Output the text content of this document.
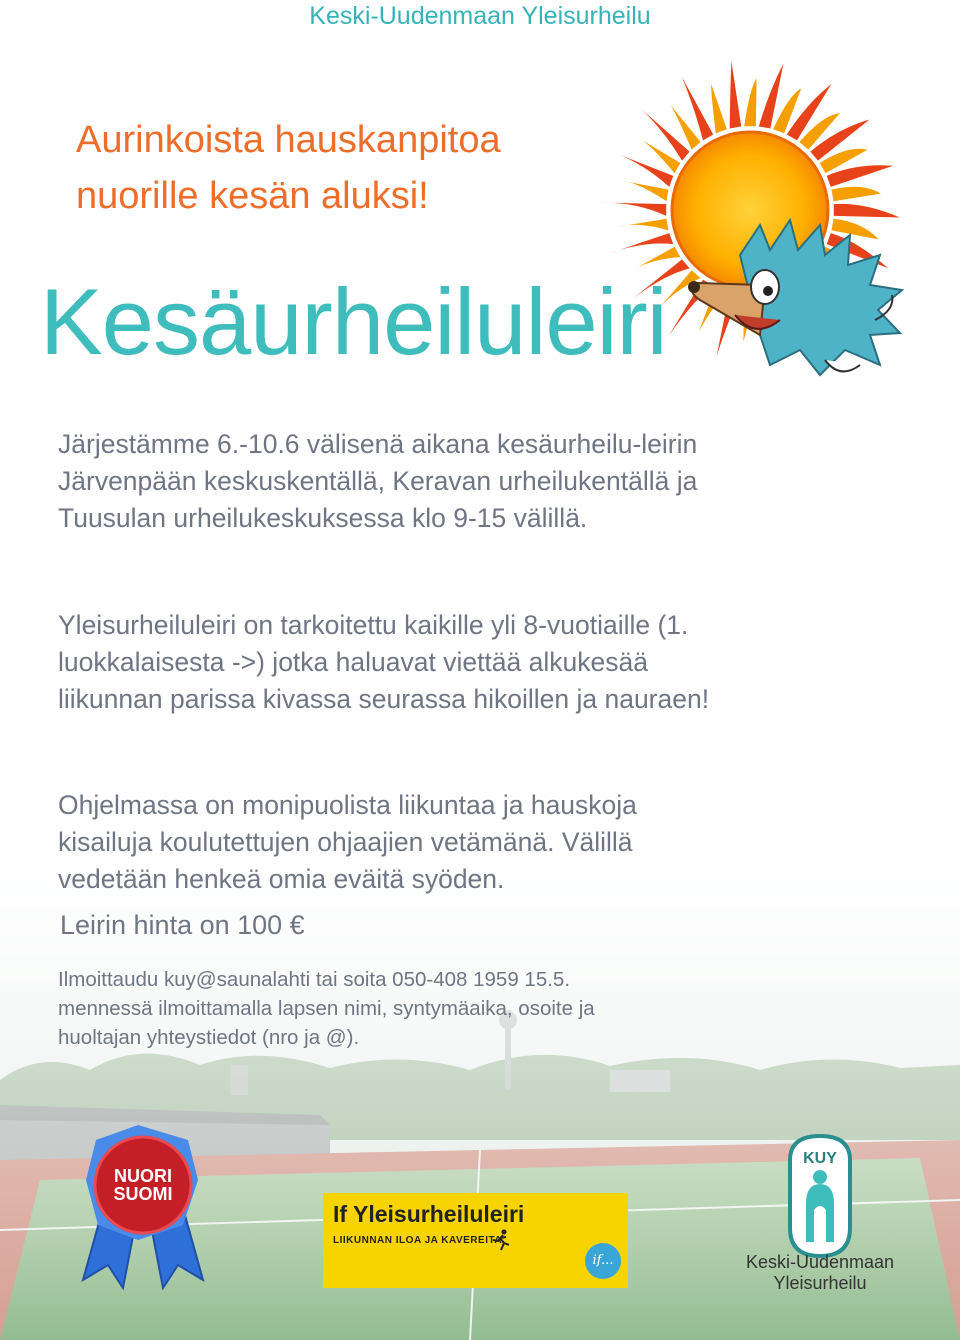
Keski-Uudenmaan Yleisurheilu
Aurinkoista hauskanpitoa
nuorille kesän aluksi!
Kesäurheiluleiri

Järjestämme 6.-10.6 välisenä aikana kesäurheilu-leirin Järvenpään keskuskentällä, Keravan urheilukentällä ja Tuusulan urheilukeskuksessa klo 9-15 välillä.

Yleisurheiluleiri on tarkoitettu kaikille yli 8-vuotiaille (1. luokkalaisesta ->) jotka haluavat viettää alkukesää liikunnan parissa kivassa seurassa hikoillen ja nauraen!

Ohjelmassa on monipuolista liikuntaa ja hauskoja kisailuja koulutettujen ohjaajien vetämänä. Välillä vedetään henkeä omia eväitä syöden.

Leirin hinta on 100 €

Ilmoittaudu kuy@saunalahti tai soita 050-408 1959 15.5. mennessä ilmoittamalla lapsen nimi, syntymäaika, osoite ja huoltajan yhteystiedot (nro ja @).

NUORI
SUOMI
If Yleisurheiluleiri
LIIKUNNAN ILOA JA KAVEREITA
if...
KUY
Keski-Uudenmaan
Yleisurheilu
